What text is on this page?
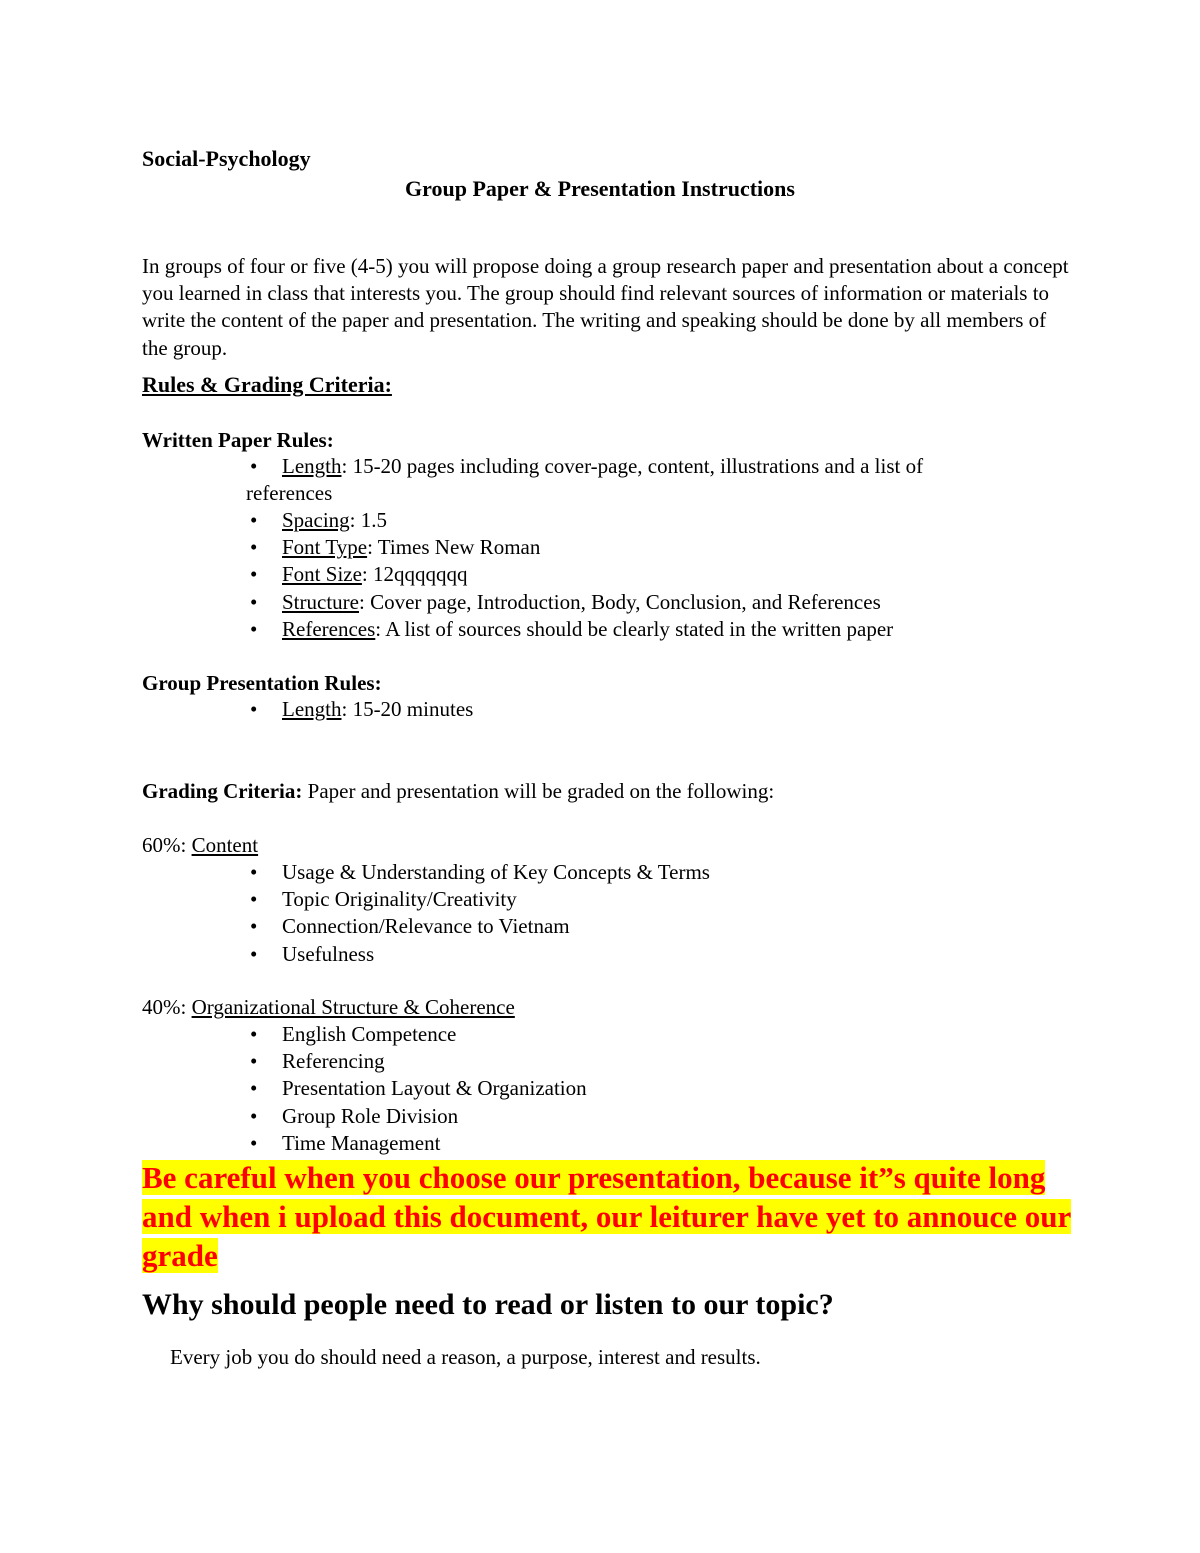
Social-Psychology
Group Paper & Presentation Instructions

In groups of four or five (4-5) you will propose doing a group research paper and presentation about a concept you learned in class that interests you. The group should find relevant sources of information or materials to write the content of the paper and presentation. The writing and speaking should be done by all members of the group.

Rules & Grading Criteria:
Written Paper Rules:
• Length: 15-20 pages including cover-page, content, illustrations and a list of
references
• Spacing: 1.5
• Font Type: Times New Roman
• Font Size: 12qqqqqqq
• Structure: Cover page, Introduction, Body, Conclusion, and References
• References: A list of sources should be clearly stated in the written paper
Group Presentation Rules:
• Length: 15-20 minutes
Grading Criteria: Paper and presentation will be graded on the following:
60%: Content
• Usage & Understanding of Key Concepts & Terms
• Topic Originality/Creativity
• Connection/Relevance to Vietnam
• Usefulness
40%: Organizational Structure & Coherence
• English Competence
• Referencing
• Presentation Layout & Organization
• Group Role Division
• Time Management
Be careful when you choose our presentation, because it”s quite long and when i upload this document, our leiturer have yet to annouce our grade
Why should people need to read or listen to our topic?
Every job you do should need a reason, a purpose, interest and results.
